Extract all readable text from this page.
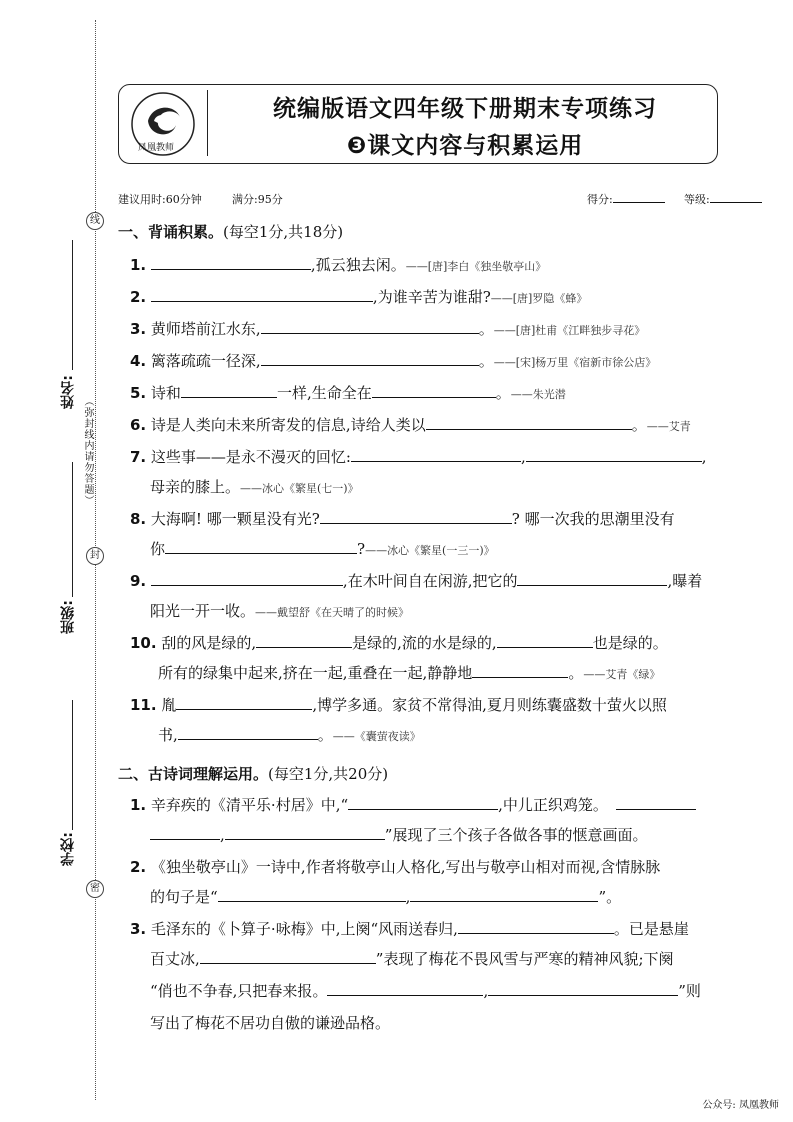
线
封
密
姓名:
班级:
学校:
（弥封线内请勿答题）
凤凰教师
统编版语文四年级下册期末专项练习
❸课文内容与积累运用
建议用时:60分钟	满分:95分	得分:	等级:
一、背诵积累。(每空1分,共18分)
1.	,孤云独去闲。——[唐]李白《独坐敬亭山》
2.	,为谁辛苦为谁甜?——[唐]罗隐《蜂》
3. 黄师塔前江水东,	。——[唐]杜甫《江畔独步寻花》
4. 篱落疏疏一径深,	。——[宋]杨万里《宿新市徐公店》
5. 诗和	一样,生命全在	。——朱光潜
6. 诗是人类向未来所寄发的信息,诗给人类以	。——艾青
7. 这些事——是永不漫灭的回忆:	,	,
母亲的膝上。——冰心《繁星(七一)》
8. 大海啊! 哪一颗星没有光?	? 哪一次我的思潮里没有
你	?——冰心《繁星(一三一)》
9.	,在木叶间自在闲游,把它的	,曝着
阳光一开一收。——戴望舒《在天晴了的时候》
10. 刮的风是绿的,	是绿的,流的水是绿的,	也是绿的。
所有的绿集中起来,挤在一起,重叠在一起,静静地	。——艾青《绿》
11. 胤	,博学多通。家贫不常得油,夏月则练囊盛数十萤火以照
书,	。——《囊萤夜读》
二、古诗词理解运用。(每空1分,共20分)
1. 辛弃疾的《清平乐·村居》中,“	,中儿正织鸡笼。
,	”展现了三个孩子各做各事的惬意画面。
2. 《独坐敬亭山》一诗中,作者将敬亭山人格化,写出与敬亭山相对而视,含情脉脉
的句子是“	,	”。
3. 毛泽东的《卜算子·咏梅》中,上阕“风雨送春归,	。已是悬崖
百丈冰,	”表现了梅花不畏风雪与严寒的精神风貌;下阕
“俏也不争春,只把春来报。	,	”则
写出了梅花不居功自傲的谦逊品格。
公众号: 凤凰教师
